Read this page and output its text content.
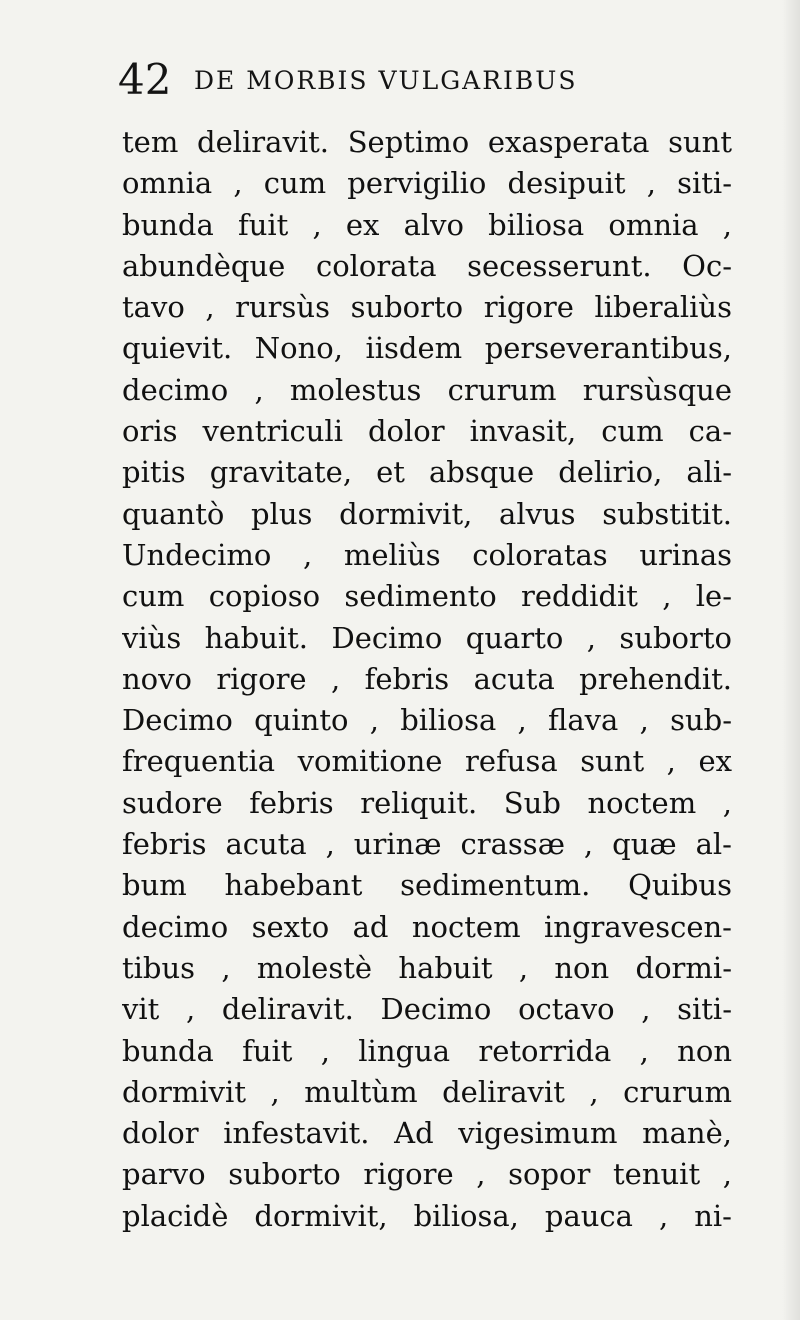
42 DE MORBIS VULGARIBUS
tem deliravit. Septimo exasperata sunt
omnia , cum pervigilio desipuit , siti-
bunda fuit , ex alvo biliosa omnia ,
abundèque colorata secesserunt. Oc-
tavo , rursùs suborto rigore liberaliùs
quievit. Nono, iisdem perseverantibus,
decimo , molestus crurum rursùsque
oris ventriculi dolor invasit, cum ca-
pitis gravitate, et absque delirio, ali-
quantò plus dormivit, alvus substitit.
Undecimo , meliùs coloratas urinas
cum copioso sedimento reddidit , le-
viùs habuit. Decimo quarto , suborto
novo rigore , febris acuta prehendit.
Decimo quinto , biliosa , flava , sub-
frequentia vomitione refusa sunt , ex
sudore febris reliquit. Sub noctem ,
febris acuta , urinæ crassæ , quæ al-
bum habebant sedimentum. Quibus
decimo sexto ad noctem ingravescen-
tibus , molestè habuit , non dormi-
vit , deliravit. Decimo octavo , siti-
bunda fuit , lingua retorrida , non
dormivit , multùm deliravit , crurum
dolor infestavit. Ad vigesimum manè,
parvo suborto rigore , sopor tenuit ,
placidè dormivit, biliosa, pauca , ni-
